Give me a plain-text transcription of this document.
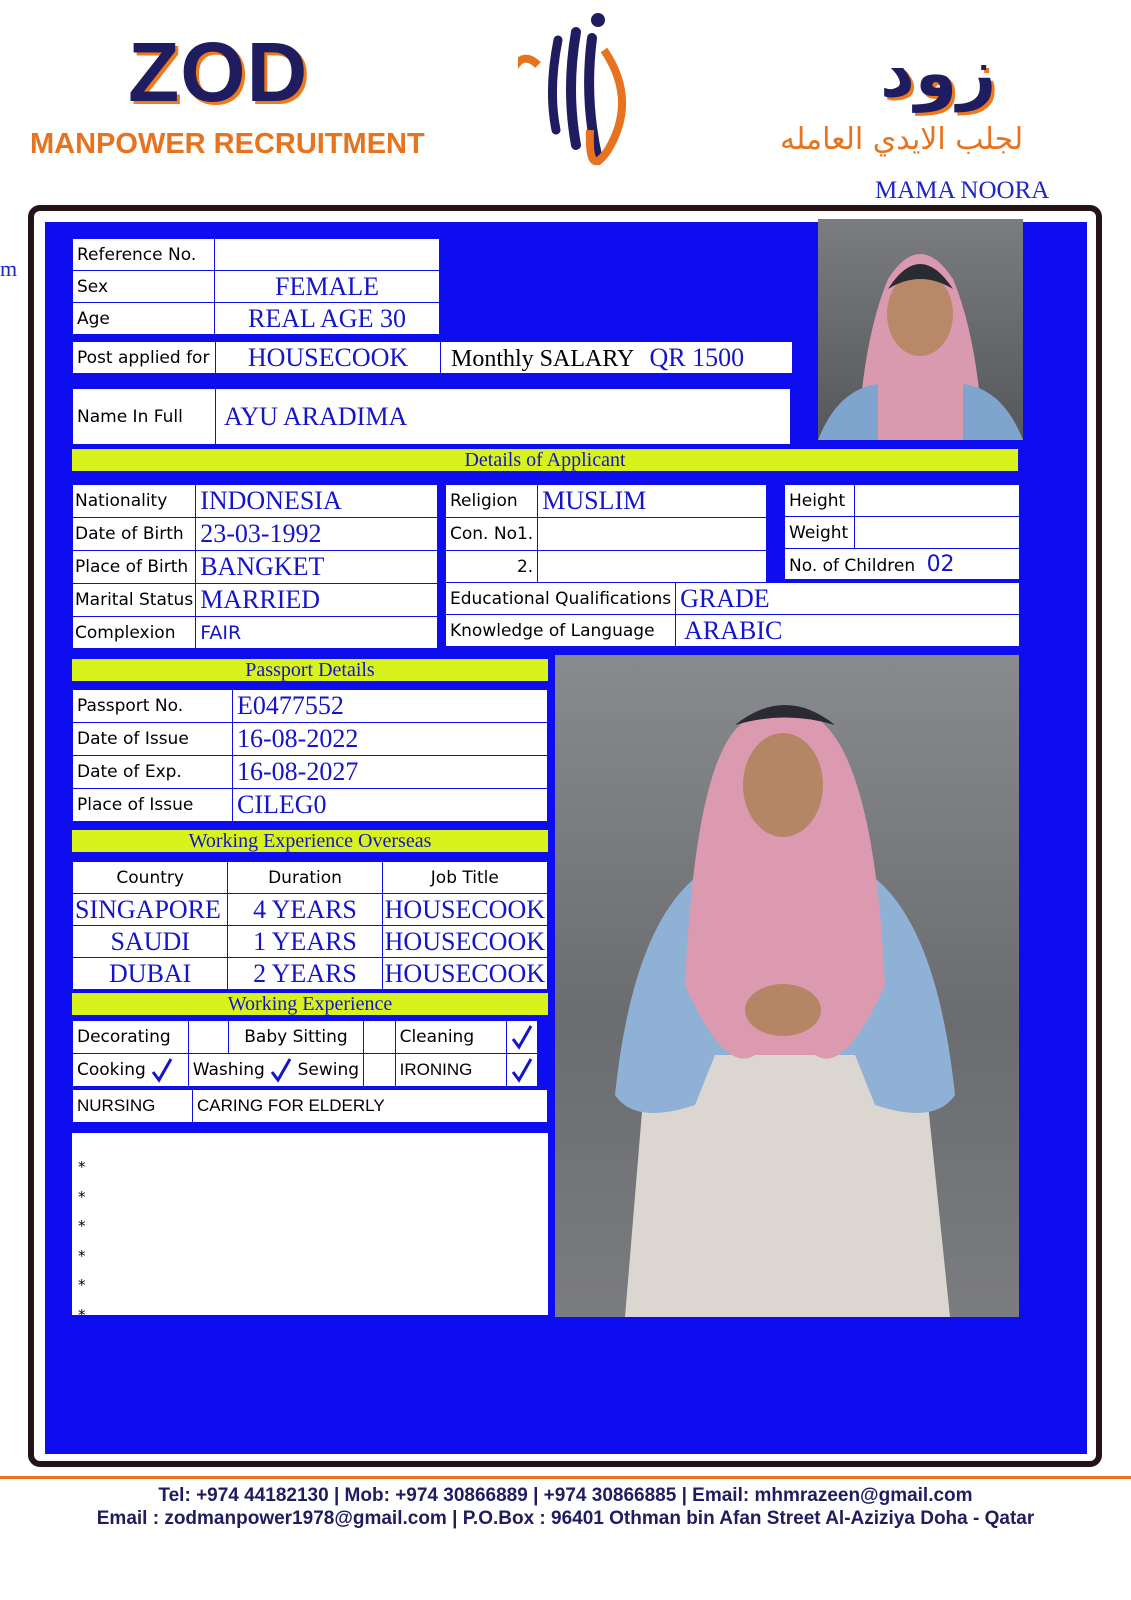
ZOD
MANPOWER RECRUITMENT
زود
لجلب الايدي العامله
MAMA NOORA
m
Reference No.	
Sex	FEMALE
Age	REAL AGE 30
Post applied for	HOUSECOOK	Monthly SALARY QR 1500
Name In Full	AYU ARADIMA
Details of Applicant
Nationality	INDONESIA
Date of Birth	23-03-1992
Place of Birth	BANGKET
Marital Status	MARRIED
Complexion	FAIR
Religion	MUSLIM
Con. No1.	
2.	
Height	
Weight	
No. of Children 02	
Educational Qualifications	GRADE
Knowledge of Language	ARABIC
Passport Details
Passport No.	E0477552
Date of Issue	16-08-2022
Date of Exp.	16-08-2027
Place of Issue	CILEG0
Working Experience Overseas
Country	Duration	Job Title
SINGAPORE	4 YEARS	HOUSECOOK
SAUDI	1 YEARS	HOUSECOOK
DUBAI	2 YEARS	HOUSECOOK
Working Experience
Decorating		Baby Sitting		Cleaning	
Cooking	Washing Sewing			IRONING	
NURSING	CARING FOR ELDERLY
*
*
*
*
*
*
Tel: +974 44182130 | Mob: +974 30866889 | +974 30866885 | Email: mhmrazeen@gmail.com
Email : zodmanpower1978@gmail.com | P.O.Box : 96401 Othman bin Afan Street Al-Aziziya Doha - Qatar
